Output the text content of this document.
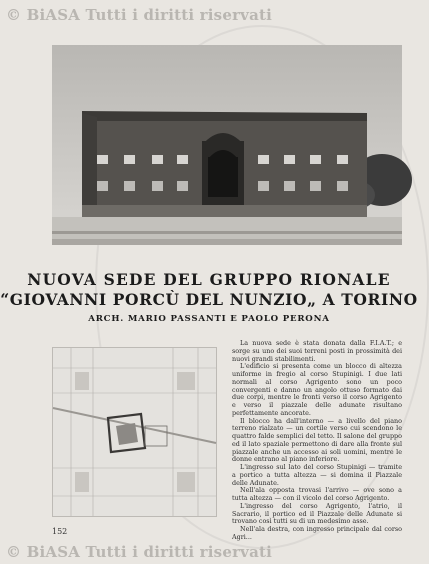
© BiASA Tutti i diritti riservati
NUOVA SEDE DEL GRUPPO RIONALE
“GIOVANNI PORCÙ DEL NUNZIO„ A TORINO
ARCH. MARIO PASSANTI E PAOLO PERONA

La nuova sede è stata donata dalla F.I.A.T.; e sorge su uno dei suoi terreni posti in prossimità dei nuovi grandi stabilimenti.

L'edificio si presenta come un blocco di altezza uniforme in fregio al corso Stupinigi. I due lati normali al corso Agrigento sono un poco convergenti e danno un angolo ottuso formato dai due corpi, mentre le fronti verso il corso Agrigento e verso il piazzale delle adunate risultano perfettamente ancorate.

Il blocco ha dall'interno — a livello del piano terreno rialzato — un cortile verso cui scendono le quattro falde semplici del tetto. Il salone del gruppo ed il lato spaziale permettono di dare alla fronte sul piazzale anche un accesso ai soli uomini, mentre le donne entrano al piano inferiore.

L'ingresso sul lato del corso Stupinigi — tramite a portico a tutta altezza — si domina il Piazzale delle Adunate.

Nell'ala opposta trovasi l'arrivo — ove sono a tutta altezza — con il vicolo del corso Agrigento.

L'ingresso del corso Agrigento, l'atrio, il Sacrario, il portico ed il Piazzale delle Adunate si trovano così tutti su di un medesimo asse.

Nell'ala destra, con ingresso principale dal corso Agri...

152
© BiASA Tutti i diritti riservati
